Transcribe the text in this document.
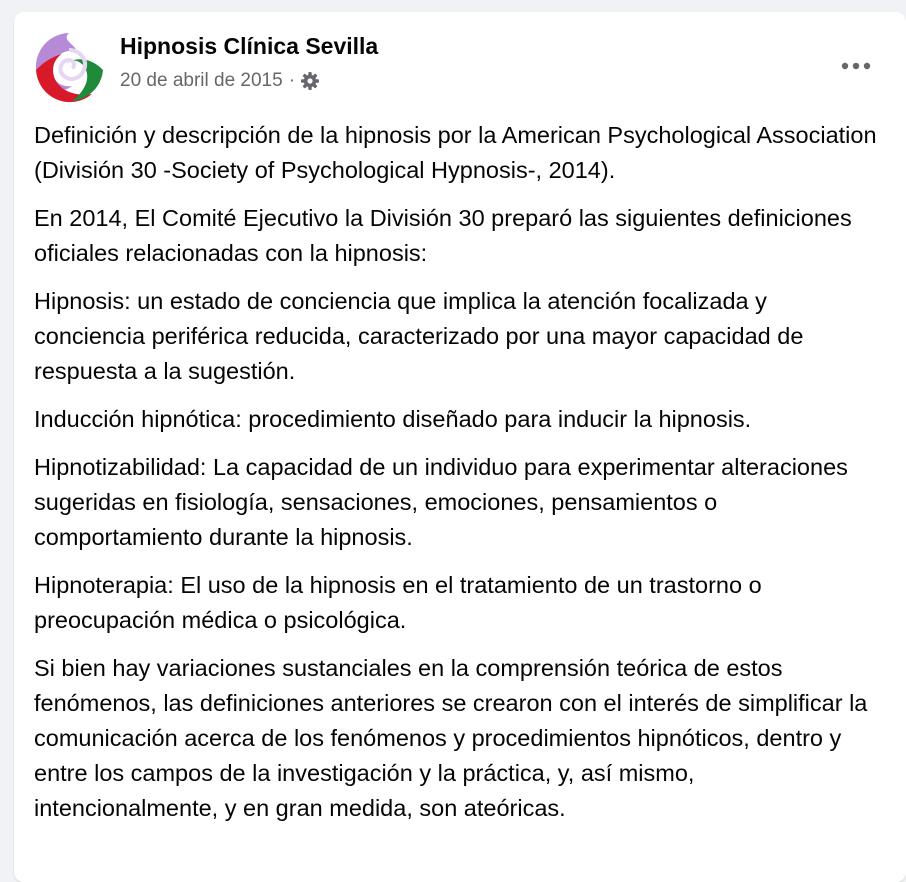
Hipnosis Clínica Sevilla
20 de abril de 2015 ·

Definición y descripción de la hipnosis por la American Psychological Association (División 30 -Society of Psychological Hypnosis-, 2014).

En 2014, El Comité Ejecutivo la División 30 preparó las siguientes definiciones oficiales relacionadas con la hipnosis:

Hipnosis: un estado de conciencia que implica la atención focalizada y conciencia periférica reducida, caracterizado por una mayor capacidad de respuesta a la sugestión.

Inducción hipnótica: procedimiento diseñado para inducir la hipnosis.

Hipnotizabilidad: La capacidad de un individuo para experimentar alteraciones sugeridas en fisiología, sensaciones, emociones, pensamientos o comportamiento durante la hipnosis.

Hipnoterapia: El uso de la hipnosis en el tratamiento de un trastorno o preocupación médica o psicológica.

Si bien hay variaciones sustanciales en la comprensión teórica de estos fenómenos, las definiciones anteriores se crearon con el interés de simplificar la comunicación acerca de los fenómenos y procedimientos hipnóticos, dentro y entre los campos de la investigación y la práctica, y, así mismo, intencionalmente, y en gran medida, son ateóricas.
